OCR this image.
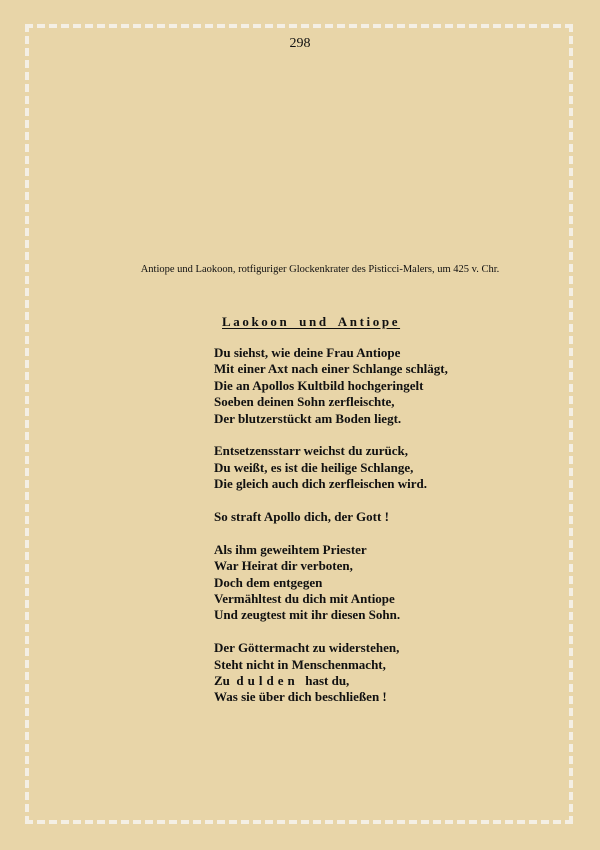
298
Antiope und Laokoon, rotfiguriger Glockenkrater des Pisticci-Malers, um 425 v. Chr.
Laokoon und Antiope
Du siehst, wie deine Frau Antiope
Mit einer Axt nach einer Schlange schlägt,
Die an Apollos Kultbild hochgeringelt
Soeben deinen Sohn zerfleischte,
Der blutzerstückt am Boden liegt.
Entsetzensstarr weichst du zurück,
Du weißt, es ist die heilige Schlange,
Die gleich auch dich zerfleischen wird.
So straft Apollo dich, der Gott !
Als ihm geweihtem Priester
War Heirat dir verboten,
Doch dem entgegen
Vermähltest du dich mit Antiope
Und zeugtest mit ihr diesen Sohn.
Der Göttermacht zu widerstehen,
Steht nicht in Menschenmacht,
Zu dulden hast du,
Was sie über dich beschließen !
